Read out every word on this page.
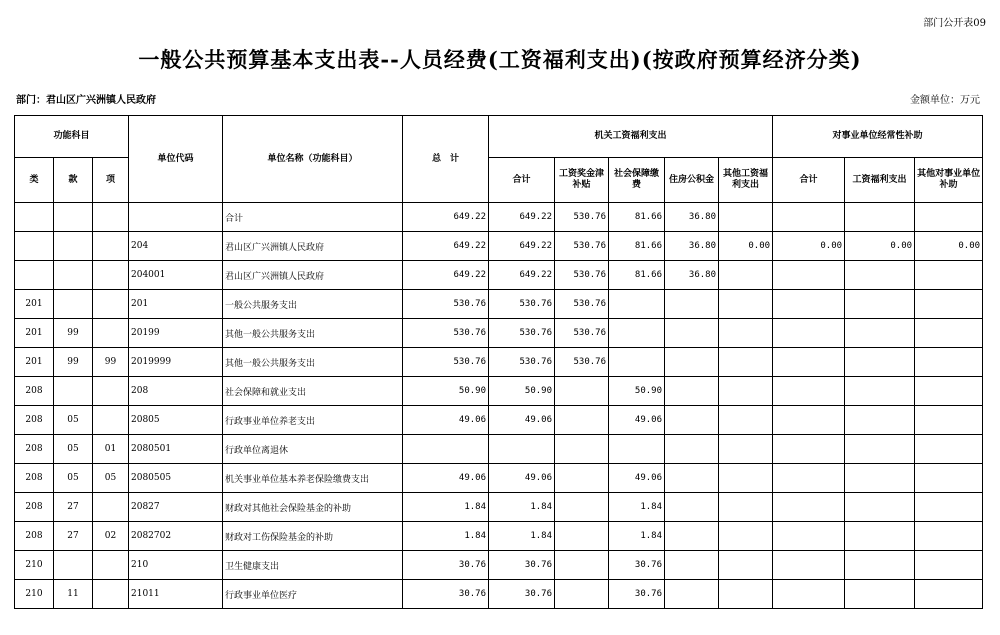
部门公开表09
一般公共预算基本支出表--人员经费(工资福利支出)(按政府预算经济分类)
部门：君山区广兴洲镇人民政府	金额单位：万元
功能科目			单位代码	单位名称（功能科目）	总　计	机关工资福利支出					对事业单位经常性补助		
类	款	项				合计	工资奖金津补贴	社会保障缴费	住房公积金	其他工资福利支出	合计	工资福利支出	其他对事业单位补助
				合计	649.22	649.22	530.76	81.66	36.80				
			204	君山区广兴洲镇人民政府	649.22	649.22	530.76	81.66	36.80	0.00	0.00	0.00	0.00
			204001	君山区广兴洲镇人民政府	649.22	649.22	530.76	81.66	36.80				
201			201	一般公共服务支出	530.76	530.76	530.76						
201	99		20199	其他一般公共服务支出	530.76	530.76	530.76						
201	99	99	2019999	其他一般公共服务支出	530.76	530.76	530.76						
208			208	社会保障和就业支出	50.90	50.90		50.90					
208	05		20805	行政事业单位养老支出	49.06	49.06		49.06					
208	05	01	2080501	行政单位离退休									
208	05	05	2080505	机关事业单位基本养老保险缴费支出	49.06	49.06		49.06					
208	27		20827	财政对其他社会保险基金的补助	1.84	1.84		1.84					
208	27	02	2082702	财政对工伤保险基金的补助	1.84	1.84		1.84					
210			210	卫生健康支出	30.76	30.76		30.76					
210	11		21011	行政事业单位医疗	30.76	30.76		30.76					
